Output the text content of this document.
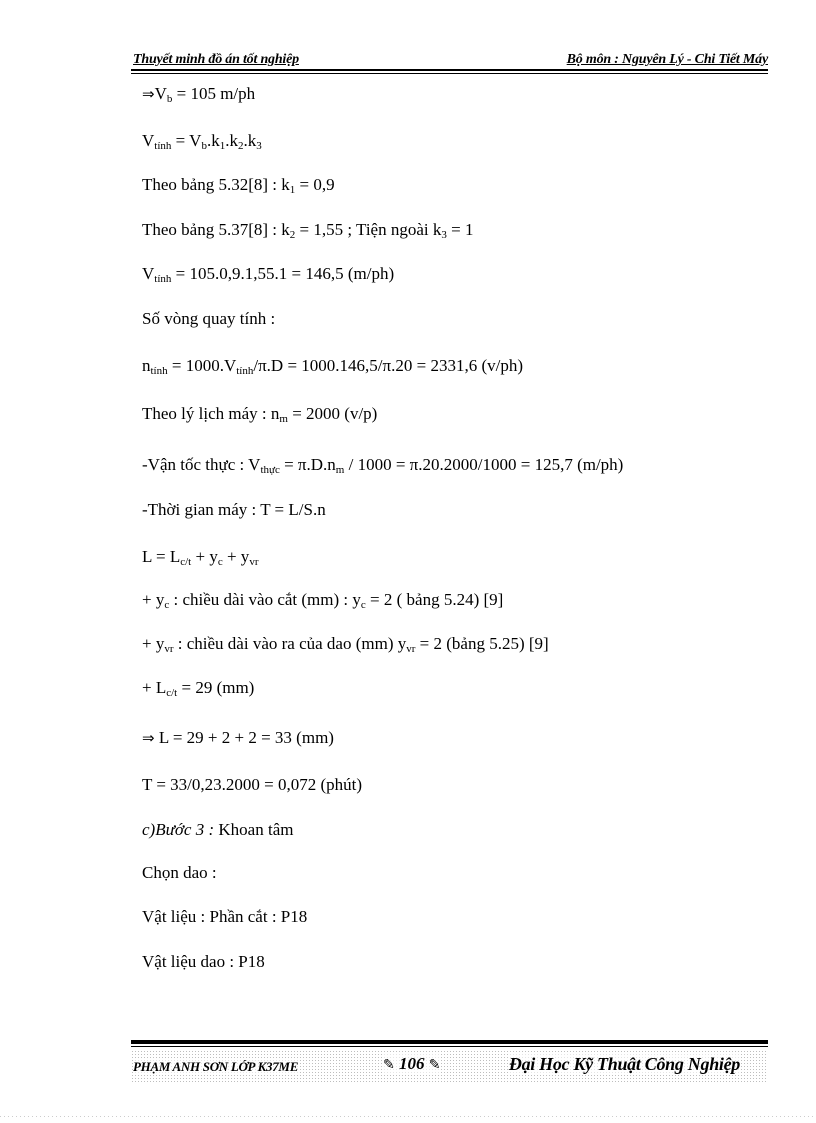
Thuyết minh đồ án tốt nghiệp	Bộ môn : Nguyên Lý - Chi Tiết Máy
$\Rightarrow V_b = 105$ m/ph
$V_{tính} = V_b.k_1.k_2.k_3$
Theo bảng 5.32[8] : $k_1 = 0,9$
Theo bảng 5.37[8] : $k_2 = 1,55$ ; Tiện ngoài $k_3 = 1$
$V_{tính} = 105.0,9.1,55.1 = 146,5$ (m/ph)
Số vòng quay tính :
$n_{tính} = 1000.V_{tính}/\pi.D = 1000.146,5/\pi.20 = 2331,6$ (v/ph)
Theo lý lịch máy : $n_m = 2000$ (v/p)
-Vận tốc thực : $V_{thực} = \pi.D.n_m / 1000 = \pi.20.2000/1000 = 125,7$ (m/ph)
-Thời gian máy : T = L/S.n
$L = L_{c/t} + y_c + y_{vr}$
+ $y_c$ : chiều dài vào cắt (mm) : $y_c = 2$ ( bảng 5.24) [9]
+ $y_{vr}$ : chiều dài vào ra của dao (mm) $y_{vr} = 2$ (bảng 5.25) [9]
+ $L_{c/t} = 29$ (mm)
⇒ L = 29 + 2 + 2 = 33 (mm)
T = 33/0,23.2000 = 0,072 (phút)
c)Bước 3 : Khoan tâm
Chọn dao :
Vật liệu : Phần cắt : P18
Vật liệu dao : P18
PHẠM ANH SƠN LỚP K37ME	✎ 106 ✎	Đại Học Kỹ Thuật Công Nghiệp
